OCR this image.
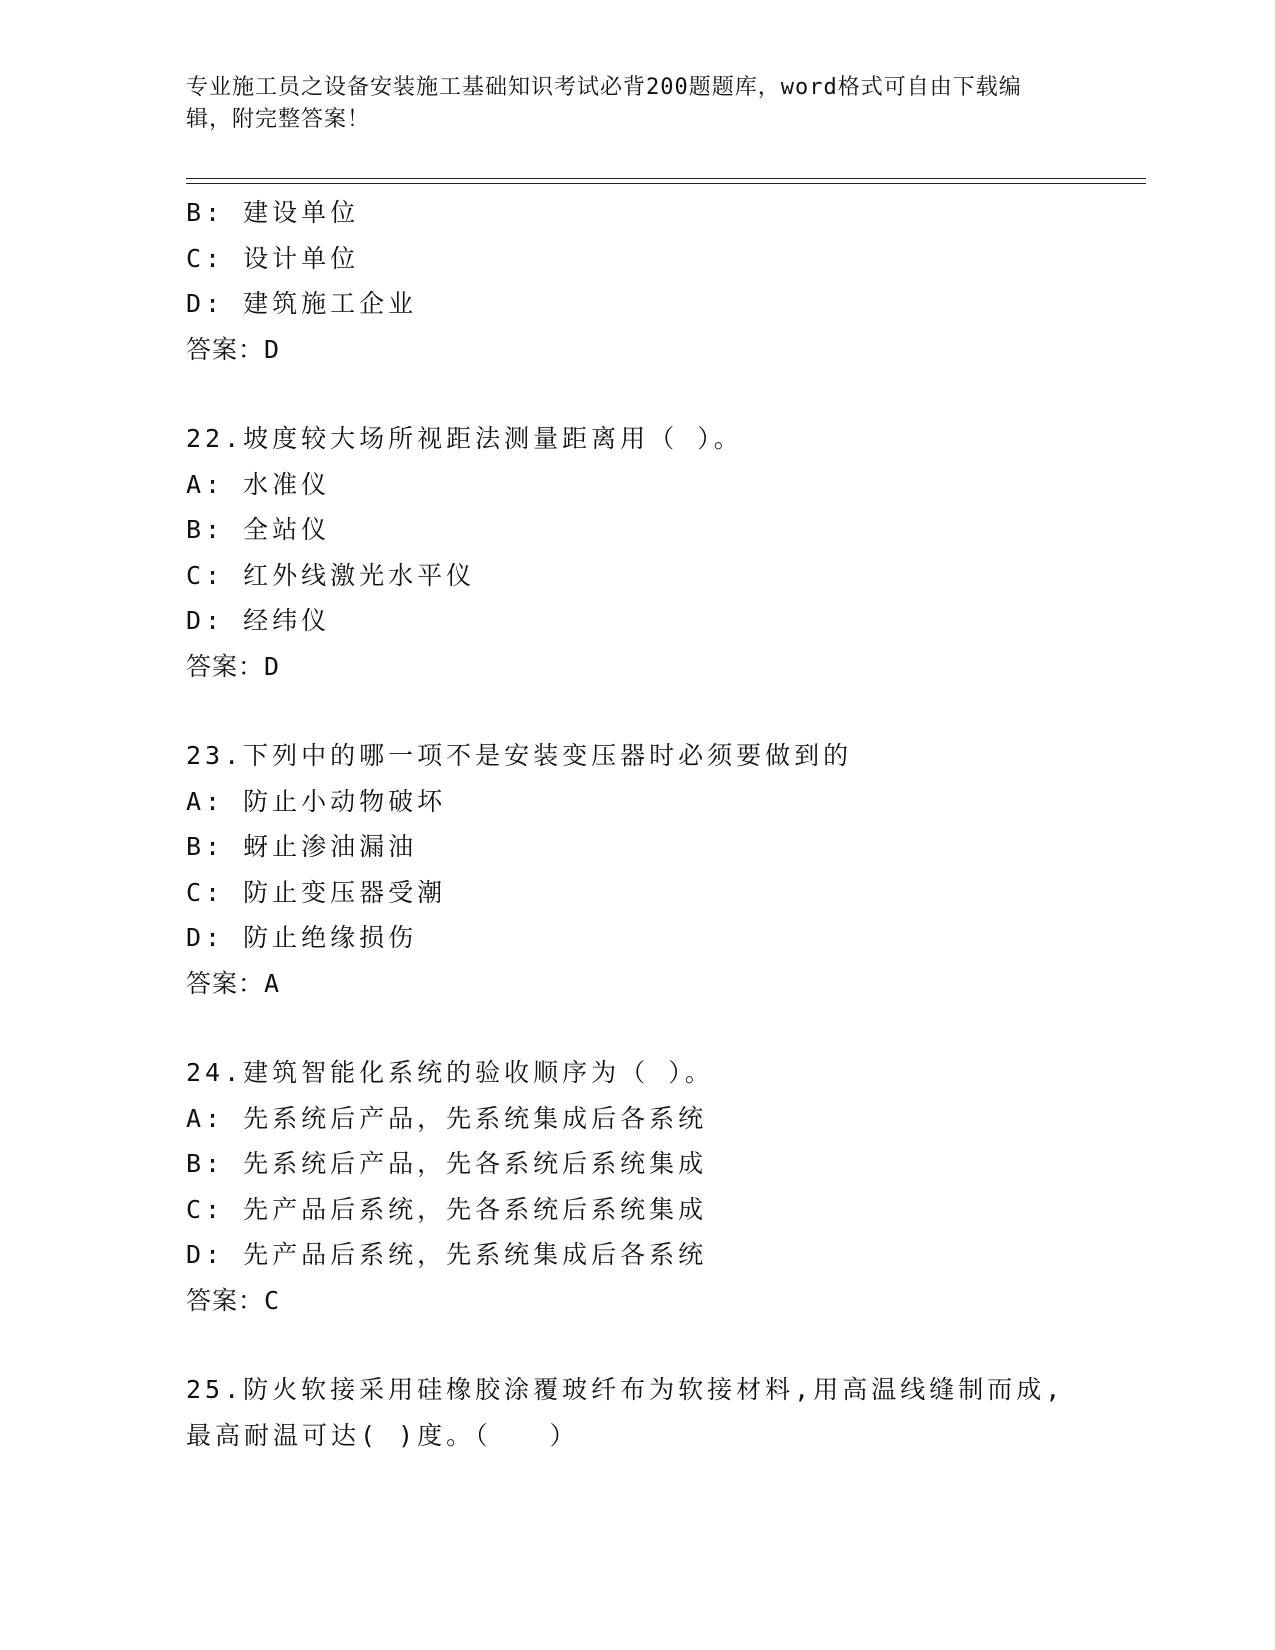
专业施工员之设备安装施工基础知识考试必背200题题库，word格式可自由下载编辑，附完整答案！
B: 建设单位
C: 设计单位
D: 建筑施工企业
答案：D
22.坡度较大场所视距法测量距离用（ ）。
A: 水准仪
B: 全站仪
C: 红外线激光水平仪
D: 经纬仪
答案：D
23.下列中的哪一项不是安装变压器时必须要做到的
A: 防止小动物破坏
B: 蚜止渗油漏油
C: 防止变压器受潮
D: 防止绝缘损伤
答案：A
24.建筑智能化系统的验收顺序为（ ）。
A: 先系统后产品，先系统集成后各系统
B: 先系统后产品，先各系统后系统集成
C: 先产品后系统，先各系统后系统集成
D: 先产品后系统，先系统集成后各系统
答案：C
25.防火软接采用硅橡胶涂覆玻纤布为软接材料,用高温线缝制而成,最高耐温可达( )度。（　　）
